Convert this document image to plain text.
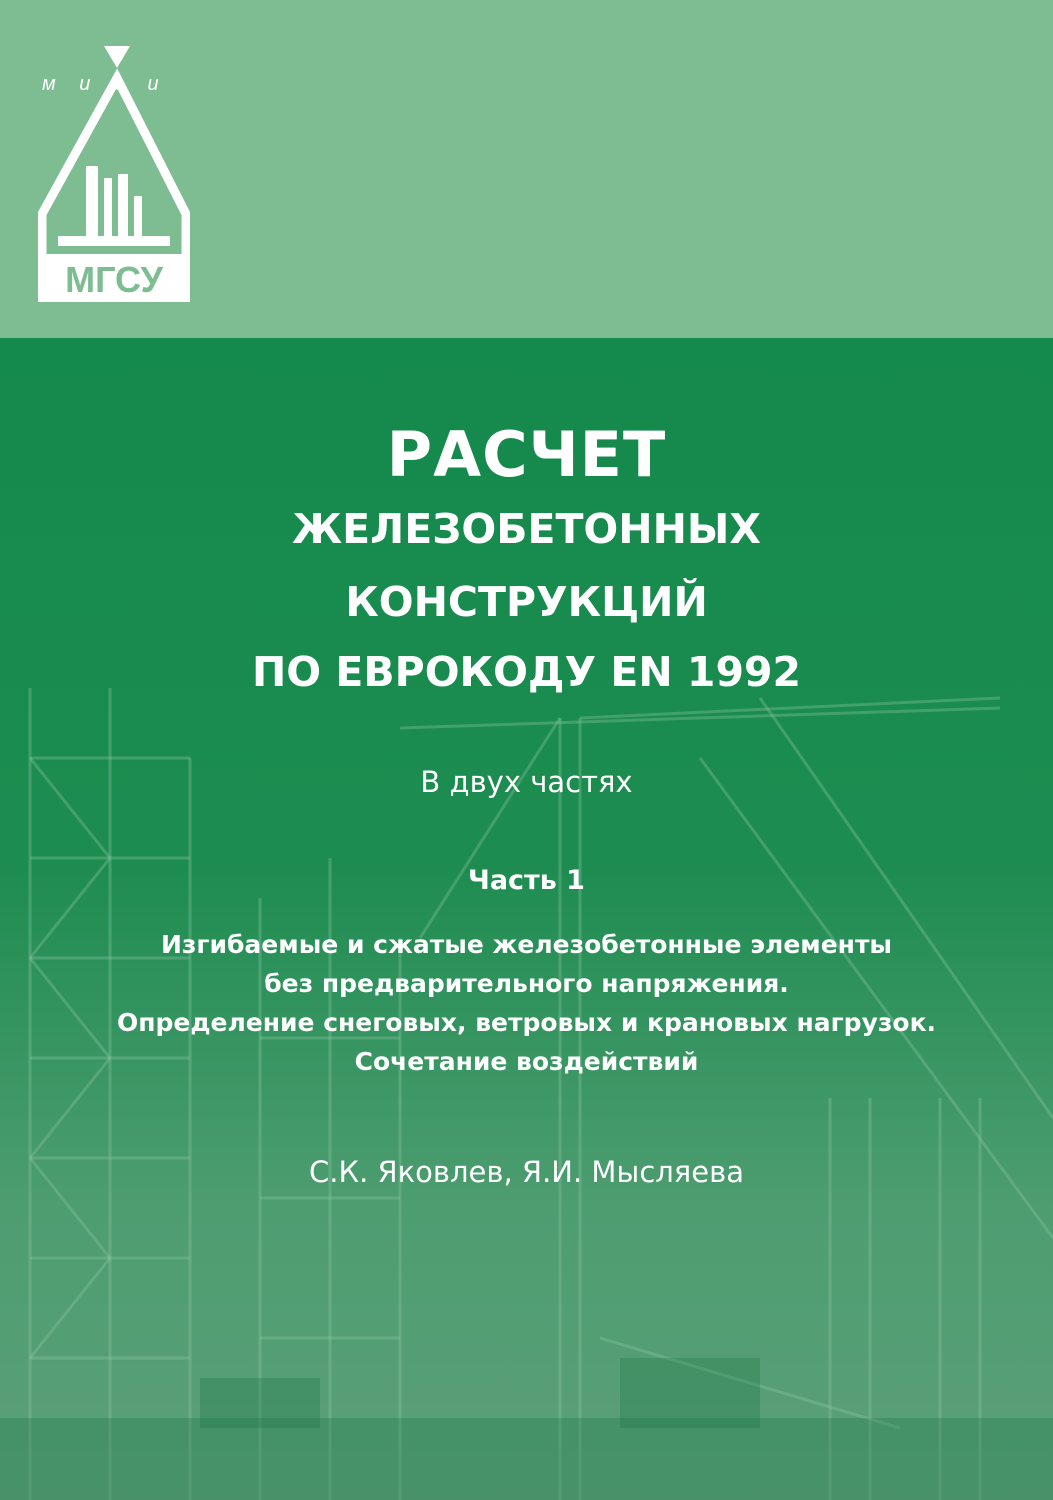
м и с и
МГСУ
РАСЧЕТ
ЖЕЛЕЗОБЕТОННЫХ
КОНСТРУКЦИЙ
ПО ЕВРОКОДУ EN 1992
В двух частях
Часть 1
Изгибаемые и сжатые железобетонные элементы
без предварительного напряжения.
Определение снеговых, ветровых и крановых нагрузок.
Сочетание воздействий
С.К. Яковлев, Я.И. Мысляева
